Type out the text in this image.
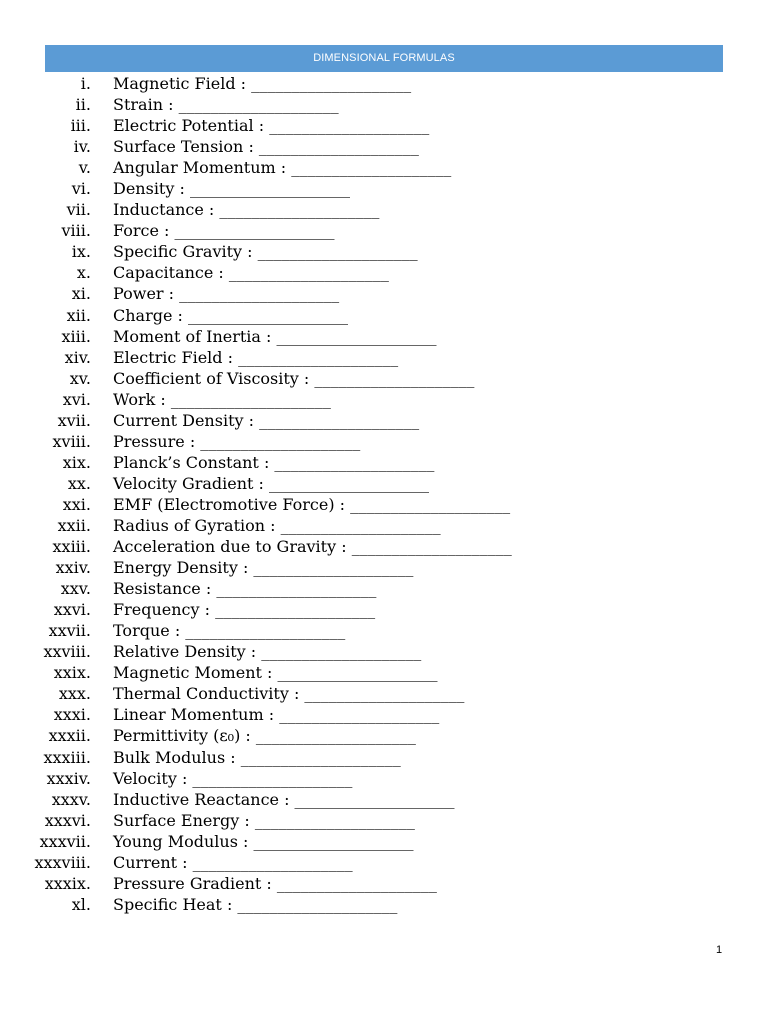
DIMENSIONAL FORMULAS
i. Magnetic Field : ____________________
ii. Strain : ____________________
iii. Electric Potential : ____________________
iv. Surface Tension : ____________________
v. Angular Momentum : ____________________
vi. Density : ____________________
vii. Inductance : ____________________
viii. Force : ____________________
ix. Specific Gravity : ____________________
x. Capacitance : ____________________
xi. Power : ____________________
xii. Charge : ____________________
xiii. Moment of Inertia : ____________________
xiv. Electric Field : ____________________
xv. Coefficient of Viscosity : ____________________
xvi. Work : ____________________
xvii. Current Density : ____________________
xviii. Pressure : ____________________
xix. Planck’s Constant : ____________________
xx. Velocity Gradient : ____________________
xxi. EMF (Electromotive Force) : ____________________
xxii. Radius of Gyration : ____________________
xxiii. Acceleration due to Gravity : ____________________
xxiv. Energy Density : ____________________
xxv. Resistance : ____________________
xxvi. Frequency : ____________________
xxvii. Torque : ____________________
xxviii. Relative Density : ____________________
xxix. Magnetic Moment : ____________________
xxx. Thermal Conductivity : ____________________
xxxi. Linear Momentum : ____________________
xxxii. Permittivity (ε₀) : ____________________
xxxiii. Bulk Modulus : ____________________
xxxiv. Velocity : ____________________
xxxv. Inductive Reactance : ____________________
xxxvi. Surface Energy : ____________________
xxxvii. Young Modulus : ____________________
xxxviii. Current : ____________________
xxxix. Pressure Gradient : ____________________
xl. Specific Heat : ____________________
1
